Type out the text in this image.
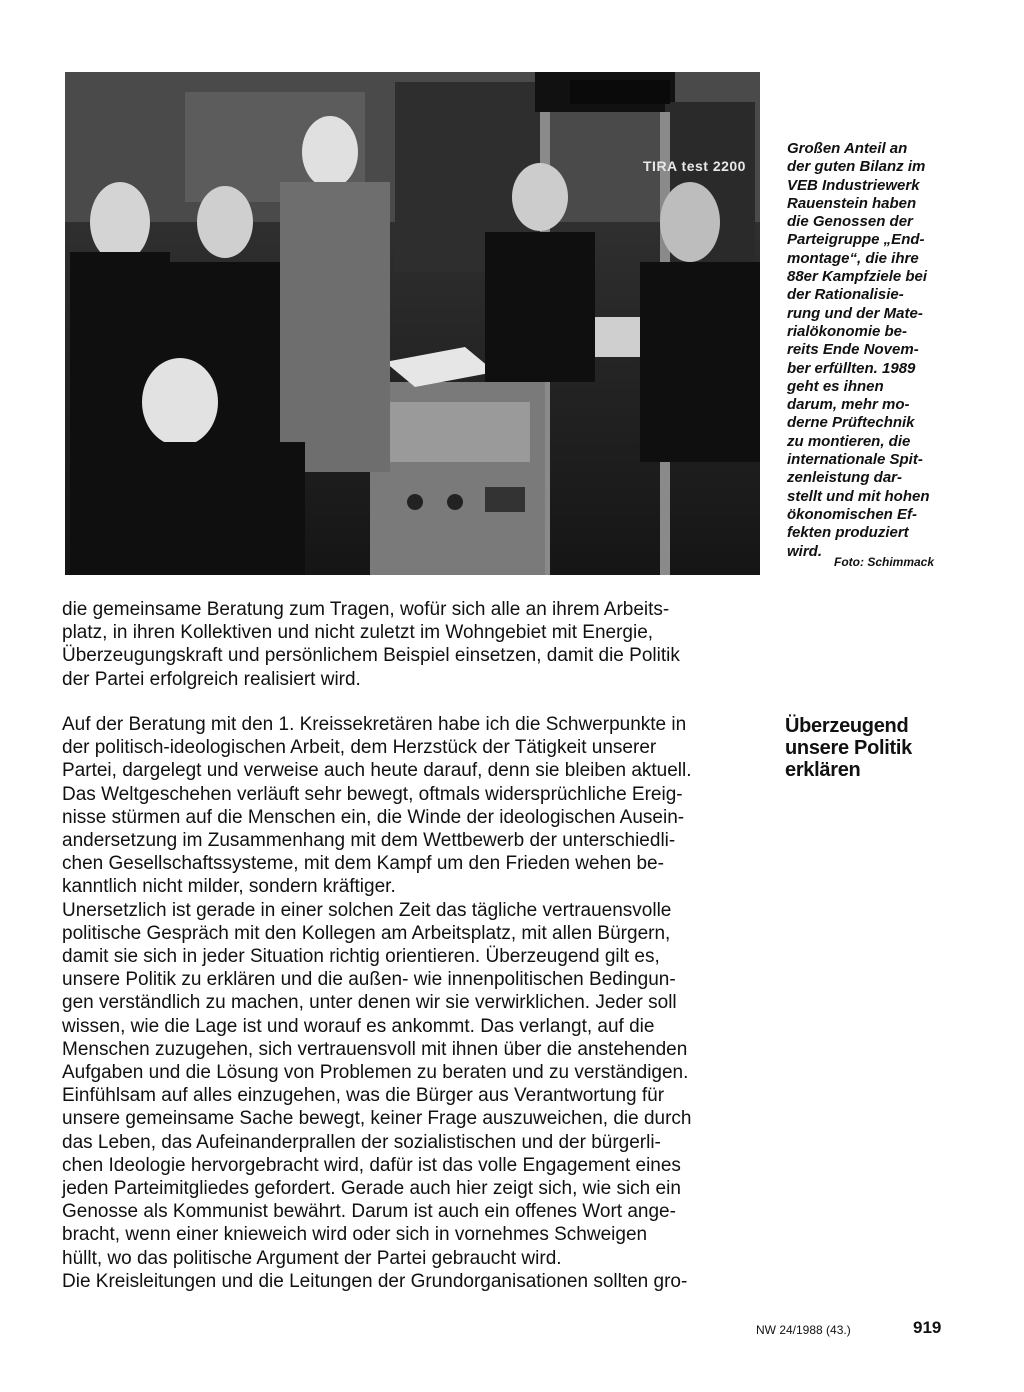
TIRA test 2200
Großen Anteil an
der guten Bilanz im
VEB Industriewerk
Rauenstein haben
die Genossen der
Parteigruppe „End-
montage“, die ihre
88er Kampfziele bei
der Rationalisie-
rung und der Mate-
rialökonomie be-
reits Ende Novem-
ber erfüllten. 1989
geht es ihnen
darum, mehr mo-
derne Prüftechnik
zu montieren, die
internationale Spit-
zenleistung dar-
stellt und mit hohen
ökonomischen Ef-
fekten produziert
wird.
Foto: Schimmack
die gemeinsame Beratung zum Tragen, wofür sich alle an ihrem Arbeits-
platz, in ihren Kollektiven und nicht zuletzt im Wohngebiet mit Energie,
Überzeugungskraft und persönlichem Beispiel einsetzen, damit die Politik
der Partei erfolgreich realisiert wird.
Überzeugend
unsere Politik
erklären
Auf der Beratung mit den 1. Kreissekretären habe ich die Schwerpunkte in
der politisch-ideologischen Arbeit, dem Herzstück der Tätigkeit unserer
Partei, dargelegt und verweise auch heute darauf, denn sie bleiben aktuell.
Das Weltgeschehen verläuft sehr bewegt, oftmals widersprüchliche Ereig-
nisse stürmen auf die Menschen ein, die Winde der ideologischen Ausein-
andersetzung im Zusammenhang mit dem Wettbewerb der unterschiedli-
chen Gesellschaftssysteme, mit dem Kampf um den Frieden wehen be-
kanntlich nicht milder, sondern kräftiger.
Unersetzlich ist gerade in einer solchen Zeit das tägliche vertrauensvolle
politische Gespräch mit den Kollegen am Arbeitsplatz, mit allen Bürgern,
damit sie sich in jeder Situation richtig orientieren. Überzeugend gilt es,
unsere Politik zu erklären und die außen- wie innenpolitischen Bedingun-
gen verständlich zu machen, unter denen wir sie verwirklichen. Jeder soll
wissen, wie die Lage ist und worauf es ankommt. Das verlangt, auf die
Menschen zuzugehen, sich vertrauensvoll mit ihnen über die anstehenden
Aufgaben und die Lösung von Problemen zu beraten und zu verständigen.
Einfühlsam auf alles einzugehen, was die Bürger aus Verantwortung für
unsere gemeinsame Sache bewegt, keiner Frage auszuweichen, die durch
das Leben, das Aufeinanderprallen der sozialistischen und der bürgerli-
chen Ideologie hervorgebracht wird, dafür ist das volle Engagement eines
jeden Parteimitgliedes gefordert. Gerade auch hier zeigt sich, wie sich ein
Genosse als Kommunist bewährt. Darum ist auch ein offenes Wort ange-
bracht, wenn einer knieweich wird oder sich in vornehmes Schweigen
hüllt, wo das politische Argument der Partei gebraucht wird.
Die Kreisleitungen und die Leitungen der Grundorganisationen sollten gro-
NW 24/1988 (43.)	919
